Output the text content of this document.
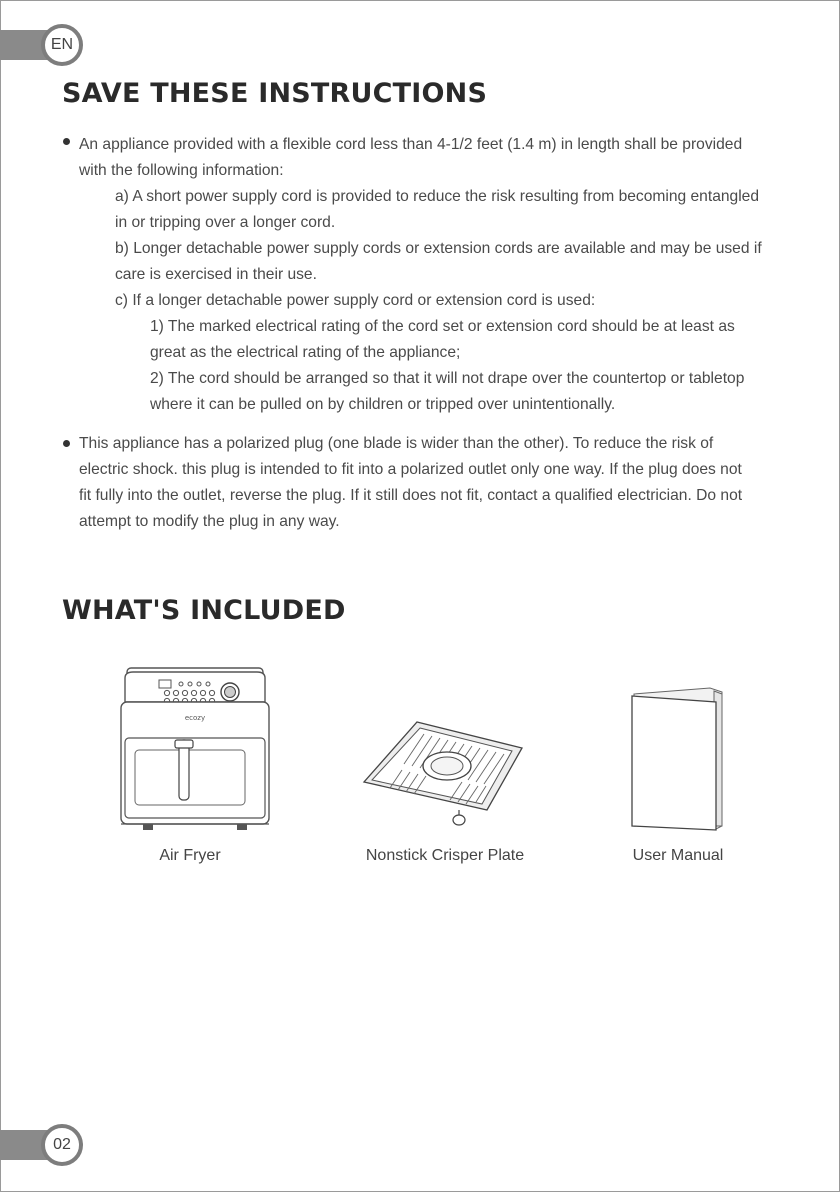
EN
SAVE THESE INSTRUCTIONS
An appliance provided with a flexible cord less than 4-1/2 feet (1.4 m) in length shall be provided
with the following information:
a) A short power supply cord is provided to reduce the risk resulting from becoming entangled
in or tripping over a longer cord.
b) Longer detachable power supply cords or extension cords are available and may be used if
care is exercised in their use.
c) If a longer detachable power supply cord or extension cord is used:
1) The marked electrical rating of the cord set or extension cord should be at least as
great as the electrical rating of the appliance;
2) The cord should be arranged so that it will not drape over the countertop or tabletop
where it can be pulled on by children or tripped over unintentionally.
This appliance has a polarized plug (one blade is wider than the other). To reduce the risk of
electric shock. this plug is intended to fit into a polarized outlet only one way. If the plug does not
fit fully into the outlet, reverse the plug. If it still does not fit, contact a qualified electrician. Do not
attempt to modify the plug in any way.
WHAT'S INCLUDED
ecozy
Air Fryer	Nonstick Crisper Plate	User Manual
02
